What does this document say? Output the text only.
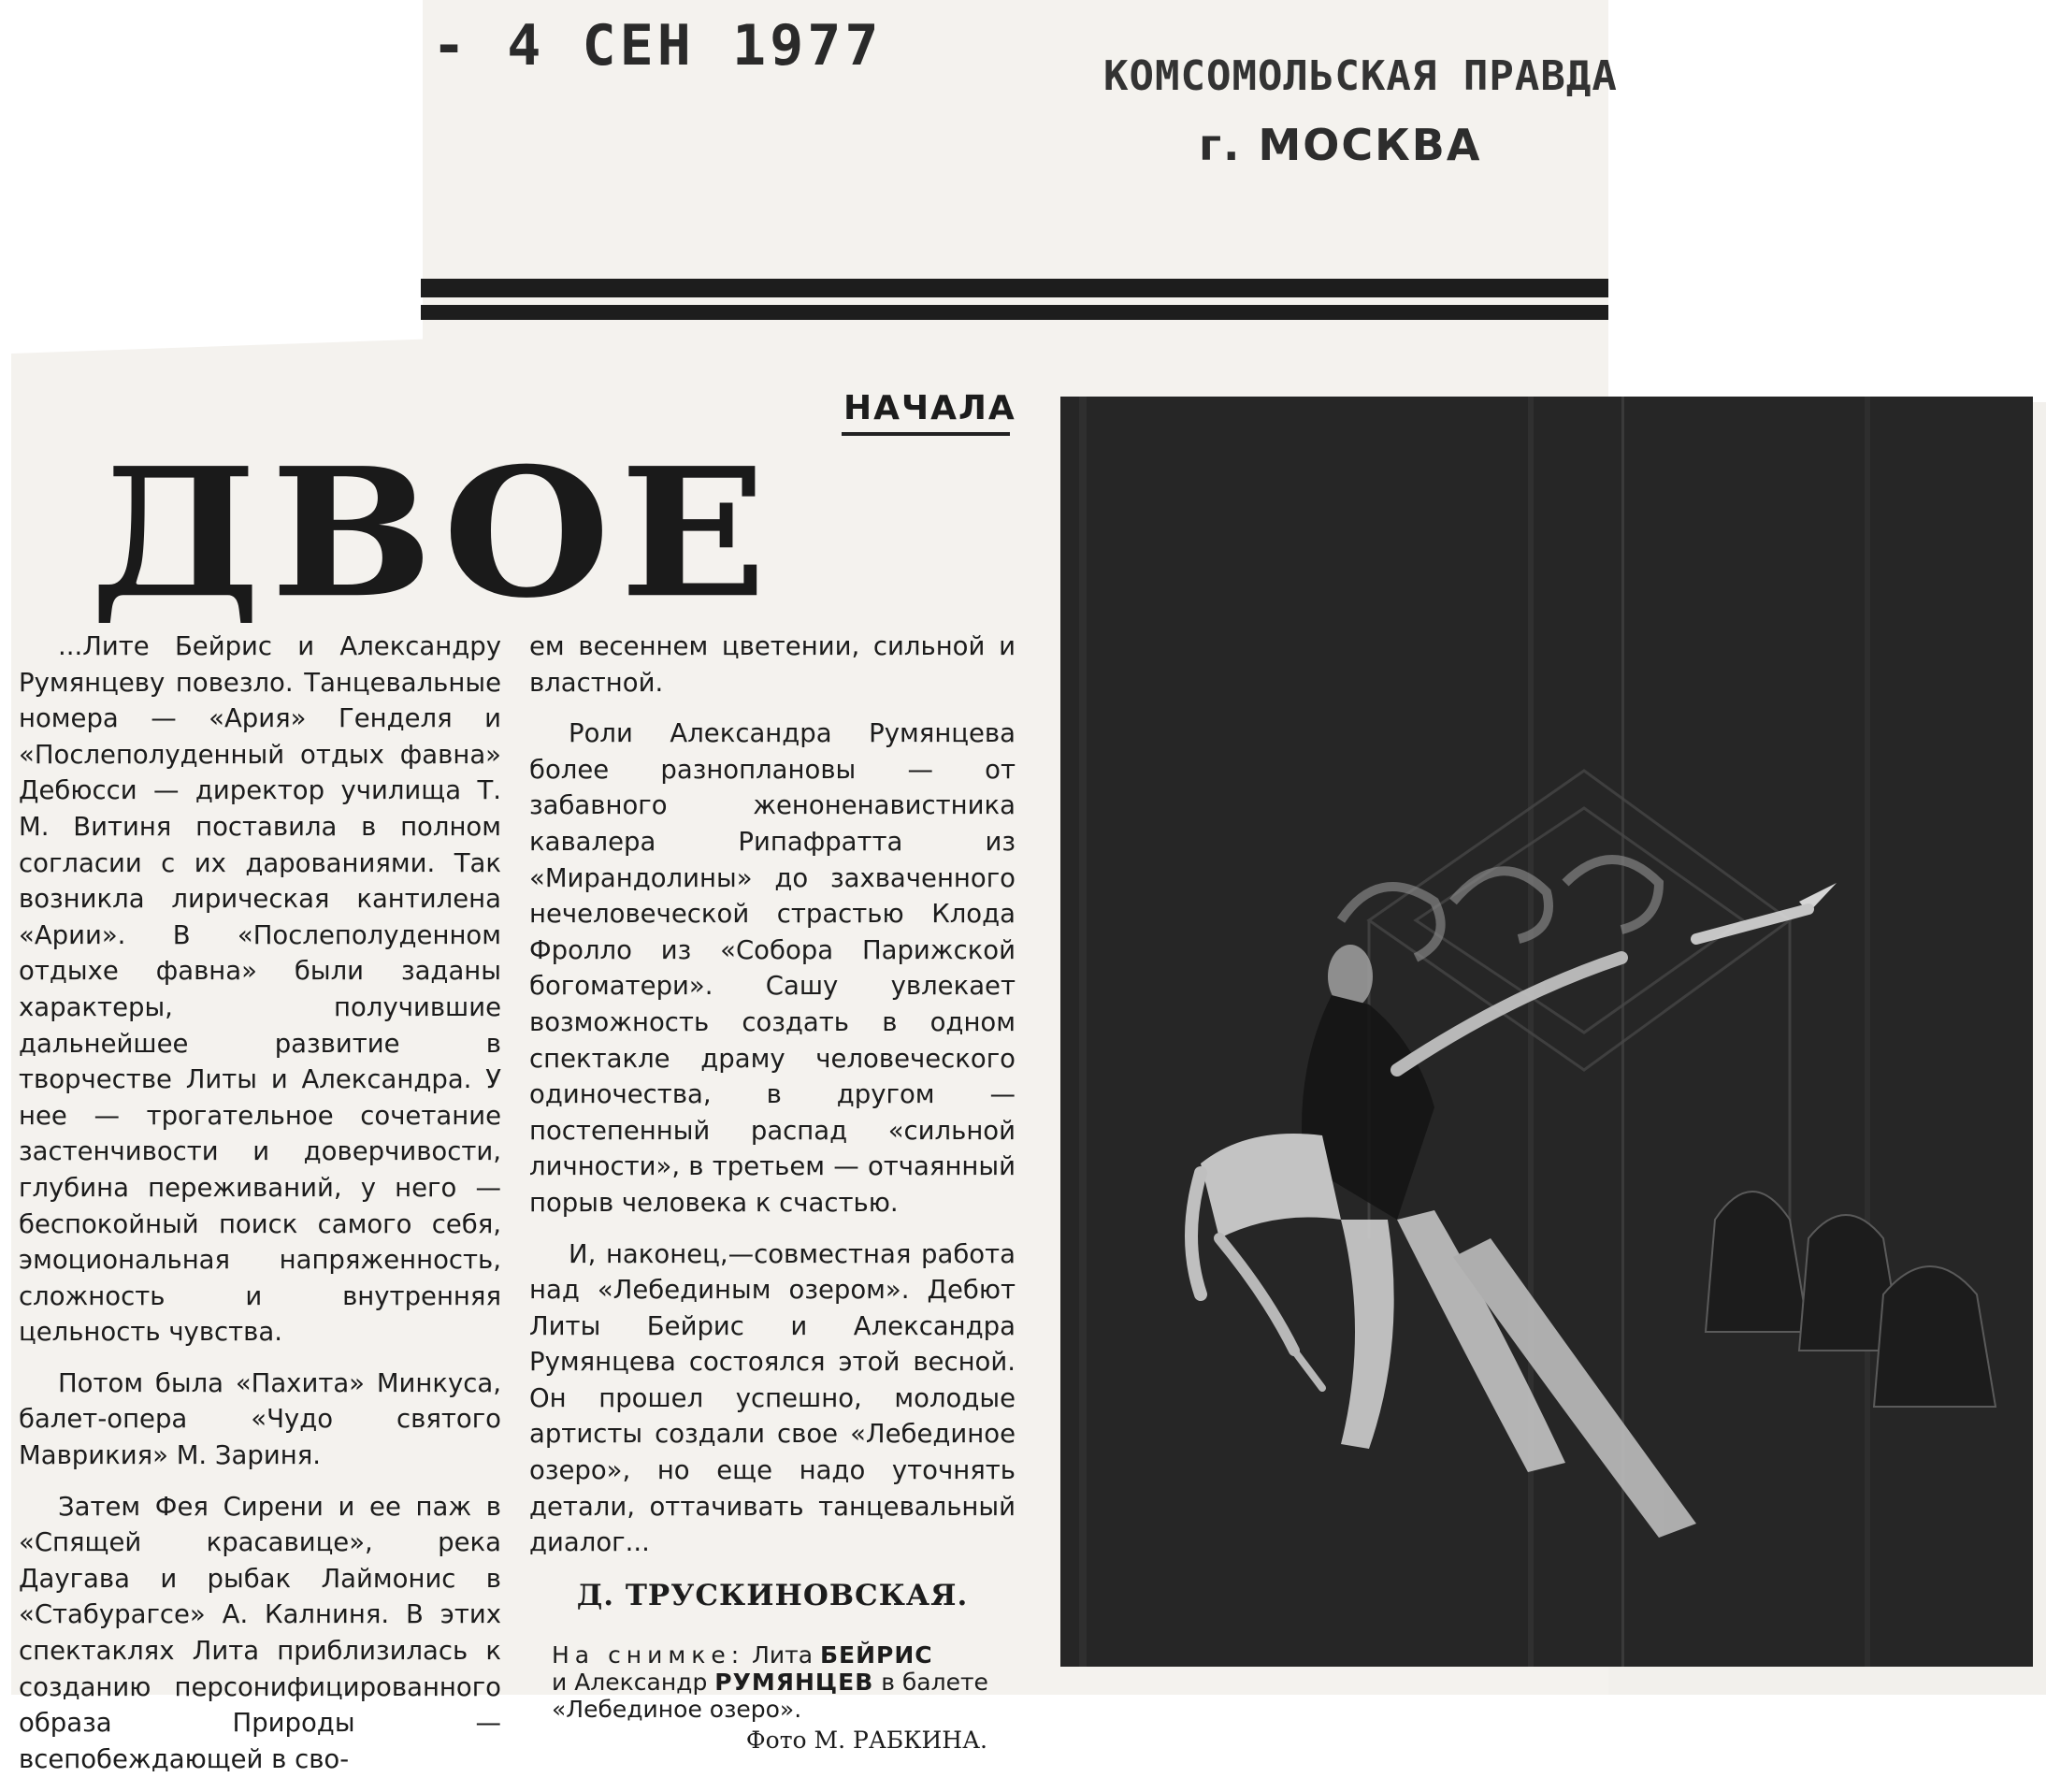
- 4 СЕН 1977	КОМСОМОЛЬСКАЯ ПРАВДА
г. МОСКВА
НАЧАЛА
ДВОЕ

...Лите Бейрис и Александру Румянцеву повезло. Танцевальные номера — «Ария» Генделя и «Послеполуденный отдых фавна» Дебюсси — директор училища Т. М. Витиня поставила в полном согласии с их дарованиями. Так возникла лирическая кантилена «Арии». В «Послеполуденном отдыхе фавна» были заданы характеры, получившие дальнейшее развитие в творчестве Литы и Александра. У нее — трогательное сочетание застенчивости и доверчивости, глубина переживаний, у него — беспокойный поиск самого себя, эмоциональная напряженность, сложность и внутренняя цельность чувства.

Потом была «Пахита» Минкуса, балет-опера «Чудо святого Маврикия» М. Зариня.

Затем Фея Сирени и ее паж в «Спящей красавице», река Даугава и рыбак Лаймонис в «Стабурагсе» А. Калниня. В этих спектаклях Лита приблизилась к созданию персонифицированного образа Природы — всепобеждающей в сво-

ем весеннем цветении, сильной и властной.

Роли Александра Румянцева более разноплановы — от забавного женоненавистника кавалера Рипафратта из «Мирандолины» до захваченного нечеловеческой страстью Клода Фролло из «Собора Парижской богоматери». Сашу увлекает возможность создать в одном спектакле драму человеческого одиночества, в другом — постепенный распад «сильной личности», в третьем — отчаянный порыв человека к счастью.

И, наконец,—совместная работа над «Лебединым озером». Дебют Литы Бейрис и Александра Румянцева состоялся этой весной. Он прошел успешно, молодые артисты создали свое «Лебединое озеро», но еще надо уточнять детали, оттачивать танцевальный диалог...

Д. ТРУСКИНОВСКАЯ.
На снимке: Лита БЕЙРИС
и Александр РУМЯНЦЕВ в балете «Лебединое озеро».
Фото М. РАБКИНА.
